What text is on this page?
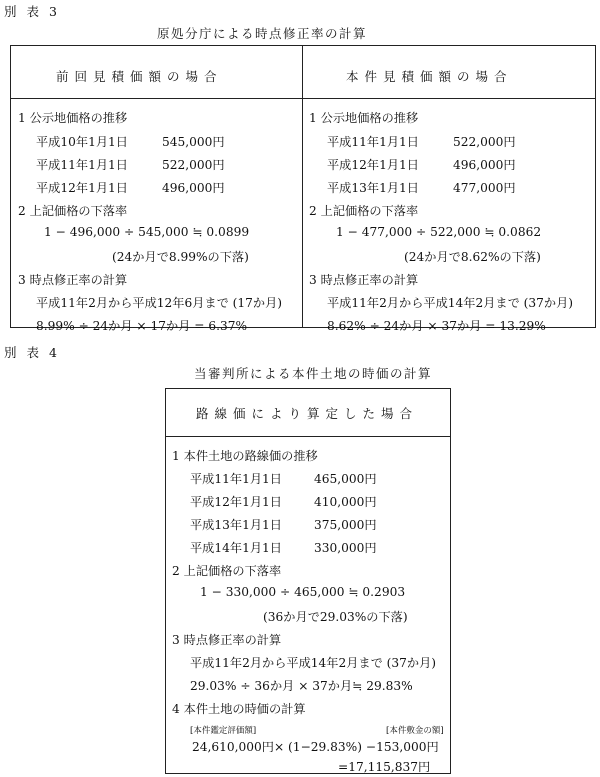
別 表 3
原処分庁による時点修正率の計算
前回見積価額の場合
1 公示地価格の推移
平成10年1月1日	545,000円
平成11年1月1日	522,000円
平成12年1月1日	496,000円
2 上記価格の下落率
1 − 496,000 ÷ 545,000 ≒ 0.0899
(24か月で8.99%の下落)
3 時点修正率の計算
平成11年2月から平成12年6月まで (17か月)
8.99% ÷ 24か月 × 17か月 = 6.37%
本件見積価額の場合
1 公示地価格の推移
平成11年1月1日	522,000円
平成12年1月1日	496,000円
平成13年1月1日	477,000円
2 上記価格の下落率
1 − 477,000 ÷ 522,000 ≒ 0.0862
(24か月で8.62%の下落)
3 時点修正率の計算
平成11年2月から平成14年2月まで (37か月)
8.62% ÷ 24か月 × 37か月 = 13.29%
別 表 4
当審判所による本件土地の時価の計算
路線価により算定した場合
1 本件土地の路線価の推移
平成11年1月1日	465,000円
平成12年1月1日	410,000円
平成13年1月1日	375,000円
平成14年1月1日	330,000円
2 上記価格の下落率
1 − 330,000 ÷ 465,000 ≒ 0.2903
(36か月で29.03%の下落)
3 時点修正率の計算
平成11年2月から平成14年2月まで (37か月)
29.03% ÷ 36か月 × 37か月≒ 29.83%
4 本件土地の時価の計算
[本件鑑定評価額]	[本件敷金の額]
24,610,000円× (1−29.83%) −153,000円
=17,115,837円
